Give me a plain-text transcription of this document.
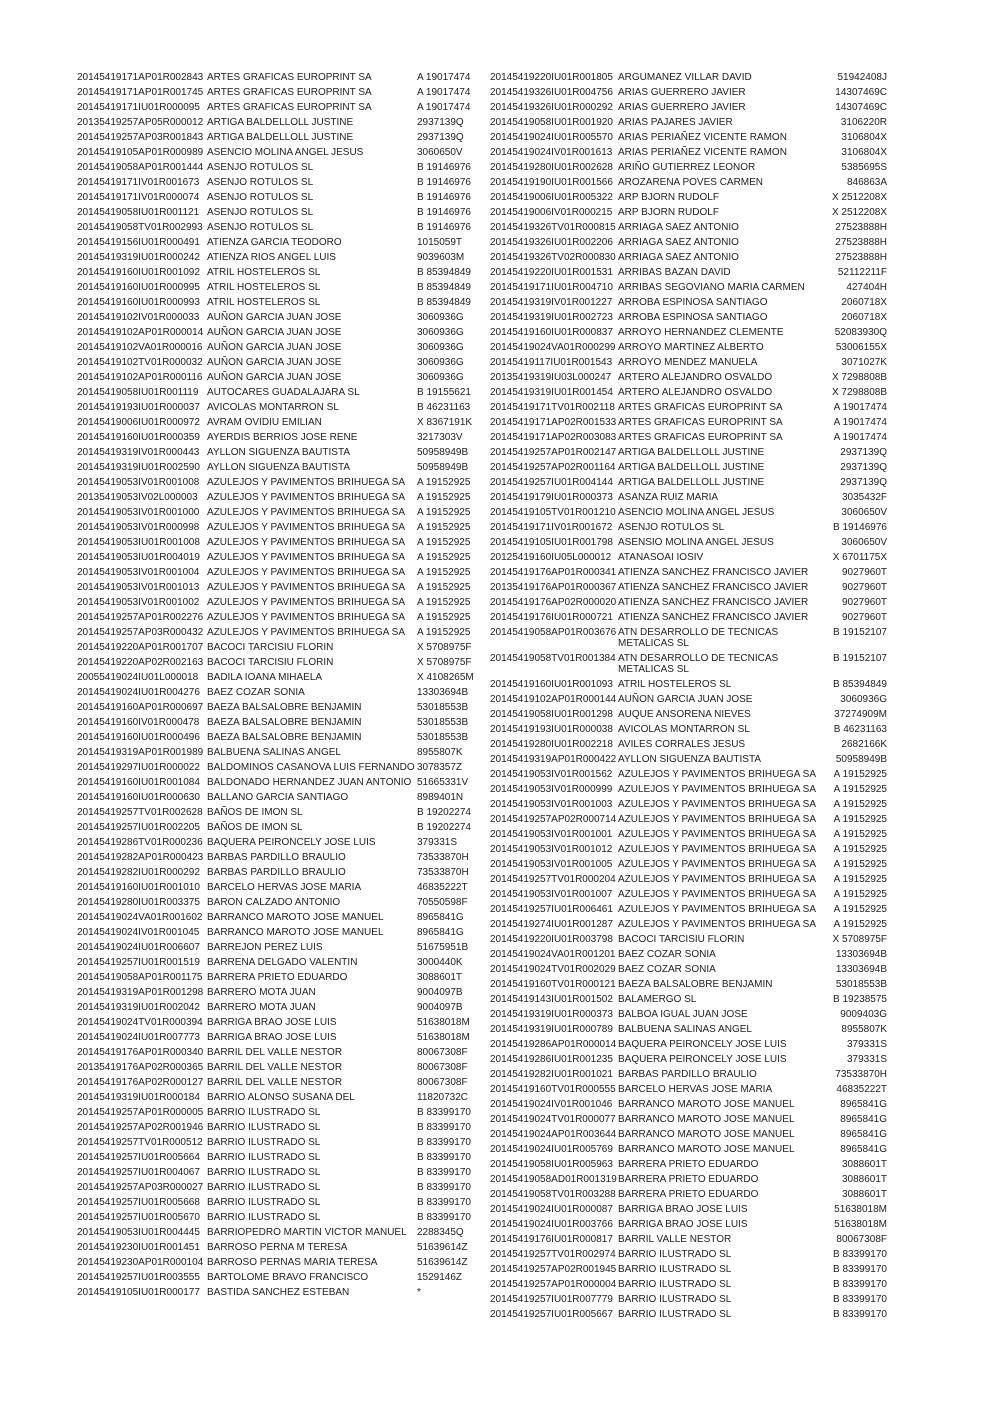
20145419171AP01R002843 ARTES GRAFICAS EUROPRINT SA	A 19017474
20145419171AP01R001745 ARTES GRAFICAS EUROPRINT SA	A 19017474
20145419171IU01R000095 ARTES GRAFICAS EUROPRINT SA	A 19017474
20135419257AP05R000012 ARTIGA BALDELLOLL JUSTINE	2937139Q
20145419257AP03R001843 ARTIGA BALDELLOLL JUSTINE	2937139Q
20145419105AP01R000989 ASENCIO MOLINA ANGEL JESUS	3060650V
20145419058AP01R001444 ASENJO ROTULOS SL	B 19146976
20145419171IV01R001673 ASENJO ROTULOS SL	B 19146976
20145419171IV01R000074 ASENJO ROTULOS SL	B 19146976
20145419058IU01R001121 ASENJO ROTULOS SL	B 19146976
20145419058TV01R002993 ASENJO ROTULOS SL	B 19146976
20145419156IU01R000491 ATIENZA GARCIA TEODORO	1015059T
20145419319IU01R000242 ATIENZA RIOS ANGEL LUIS	9039603M
20145419160IU01R001092 ATRIL HOSTELEROS SL	B 85394849
20145419160IU01R000995 ATRIL HOSTELEROS SL	B 85394849
20145419160IU01R000993 ATRIL HOSTELEROS SL	B 85394849
20145419102IV01R000033 AUÑON GARCIA JUAN JOSE	3060936G
20145419102AP01R000014 AUÑON GARCIA JUAN JOSE	3060936G
20145419102VA01R000016 AUÑON GARCIA JUAN JOSE	3060936G
20145419102TV01R000032 AUÑON GARCIA JUAN JOSE	3060936G
20145419102AP01R000116 AUÑON GARCIA JUAN JOSE	3060936G
20145419058IU01R001119 AUTOCARES GUADALAJARA SL	B 19155621
20145419193IU01R000037 AVICOLAS MONTARRON SL	B 46231163
20145419006IU01R000972 AVRAM OVIDIU EMILIAN	X 8367191K
20145419160IU01R000359 AYERDIS BERRIOS JOSE RENE	3217303V
20145419319IV01R000443 AYLLON SIGUENZA BAUTISTA	50958949B
20145419319IU01R002590 AYLLON SIGUENZA BAUTISTA	50958949B
20145419053IV01R001008 AZULEJOS Y PAVIMENTOS BRIHUEGA SA	A 19152925
20135419053IV02L000003 AZULEJOS Y PAVIMENTOS BRIHUEGA SA	A 19152925
20145419053IV01R001000 AZULEJOS Y PAVIMENTOS BRIHUEGA SA	A 19152925
20145419053IV01R000998 AZULEJOS Y PAVIMENTOS BRIHUEGA SA	A 19152925
20145419053IU01R001008 AZULEJOS Y PAVIMENTOS BRIHUEGA SA	A 19152925
20145419053IU01R004019 AZULEJOS Y PAVIMENTOS BRIHUEGA SA	A 19152925
20145419053IV01R001004 AZULEJOS Y PAVIMENTOS BRIHUEGA SA	A 19152925
20145419053IV01R001013 AZULEJOS Y PAVIMENTOS BRIHUEGA SA	A 19152925
20145419053IV01R001002 AZULEJOS Y PAVIMENTOS BRIHUEGA SA	A 19152925
20145419257AP01R002276 AZULEJOS Y PAVIMENTOS BRIHUEGA SA	A 19152925
20145419257AP03R000432 AZULEJOS Y PAVIMENTOS BRIHUEGA SA	A 19152925
20145419220AP01R001707 BACOCI TARCISIU FLORIN	X 5708975F
20145419220AP02R002163 BACOCI TARCISIU FLORIN	X 5708975F
20055419024IU01L000018 BADILA IOANA MIHAELA	X 4108265M
20145419024IU01R004276 BAEZ COZAR SONIA	13303694B
20145419160AP01R000697 BAEZA BALSALOBRE BENJAMIN	53018553B
20145419160IV01R000478 BAEZA BALSALOBRE BENJAMIN	53018553B
20145419160IU01R000496 BAEZA BALSALOBRE BENJAMIN	53018553B
20145419319AP01R001989 BALBUENA SALINAS ANGEL	8955807K
20145419297IU01R000022 BALDOMINOS CASANOVA LUIS FERNANDO 3078357Z
20145419160IU01R001084 BALDONADO HERNANDEZ JUAN ANTONIO 51665331V
20145419160IU01R000630 BALLANO GARCIA SANTIAGO	8989401N
20145419257TV01R002628 BAÑOS DE IMON SL	B 19202274
20145419257IU01R002205 BAÑOS DE IMON SL	B 19202274
20145419286TV01R000236 BAQUERA PEIRONCELY JOSE LUIS	379331S
20145419282AP01R000423 BARBAS PARDILLO BRAULIO	73533870H
20145419282IU01R000292 BARBAS PARDILLO BRAULIO	73533870H
20145419160IU01R001010 BARCELO HERVAS JOSE MARIA	46835222T
20145419280IU01R003375 BARON CALZADO ANTONIO	70550598F
20145419024VA01R001602 BARRANCO MAROTO JOSE MANUEL	8965841G
20145419024IV01R001045 BARRANCO MAROTO JOSE MANUEL	8965841G
20145419024IU01R006607 BARREJON PEREZ LUIS	51675951B
20145419257IU01R001519 BARRENA DELGADO VALENTIN	3000440K
20145419058AP01R001175 BARRERA PRIETO EDUARDO	3088601T
20145419319AP01R001298 BARRERO MOTA JUAN	9004097B
20145419319IU01R002042 BARRERO MOTA JUAN	9004097B
20145419024TV01R000394 BARRIGA BRAO JOSE LUIS	51638018M
20145419024IU01R007773 BARRIGA BRAO JOSE LUIS	51638018M
20145419176AP01R000340 BARRIL DEL VALLE NESTOR	80067308F
20135419176AP02R000365 BARRIL DEL VALLE NESTOR	80067308F
20145419176AP02R000127 BARRIL DEL VALLE NESTOR	80067308F
20145419319IU01R000184 BARRIO ALONSO SUSANA DEL	11820732C
20145419257AP01R000005 BARRIO ILUSTRADO SL	B 83399170
20145419257AP02R001946 BARRIO ILUSTRADO SL	B 83399170
20145419257TV01R000512 BARRIO ILUSTRADO SL	B 83399170
20145419257IU01R005664 BARRIO ILUSTRADO SL	B 83399170
20145419257IU01R004067 BARRIO ILUSTRADO SL	B 83399170
20145419257AP03R000027 BARRIO ILUSTRADO SL	B 83399170
20145419257IU01R005668 BARRIO ILUSTRADO SL	B 83399170
20145419257IU01R005670 BARRIO ILUSTRADO SL	B 83399170
20145419053IU01R004445 BARRIOPEDRO MARTIN VICTOR MANUEL	2288345Q
20145419230IU01R001451 BARROSO PERNA M TERESA	51639614Z
20145419230AP01R000104 BARROSO PERNAS MARIA TERESA	51639614Z
20145419257IU01R003555 BARTOLOME BRAVO FRANCISCO	1529146Z
20145419105IU01R000177 BASTIDA SANCHEZ ESTEBAN	*
20145419220IU01R001805 ARGUMANEZ VILLAR DAVID	51942408J
20145419326IU01R004756 ARIAS GUERRERO JAVIER	14307469C
20145419326IU01R000292 ARIAS GUERRERO JAVIER	14307469C
20145419058IU01R001920 ARIAS PAJARES JAVIER	3106220R
20145419024IU01R005570 ARIAS PERIAÑEZ VICENTE RAMON	3106804X
20145419024IV01R001613 ARIAS PERIAÑEZ VICENTE RAMON	3106804X
20145419280IU01R002628 ARIÑO GUTIERREZ LEONOR	5385695S
20145419190IU01R001566 AROZARENA POVES CARMEN	846863A
20145419006IU01R005322 ARP BJORN RUDOLF	X 2512208X
20145419006IV01R000215 ARP BJORN RUDOLF	X 2512208X
20145419326TV01R000815 ARRIAGA SAEZ ANTONIO	27523888H
20145419326IU01R002206 ARRIAGA SAEZ ANTONIO	27523888H
20145419326TV02R000830 ARRIAGA SAEZ ANTONIO	27523888H
20145419220IU01R001531 ARRIBAS BAZAN DAVID	52112211F
20145419171IU01R004710 ARRIBAS SEGOVIANO MARIA CARMEN	427404H
20145419319IV01R001227 ARROBA ESPINOSA SANTIAGO	2060718X
20145419319IU01R002723 ARROBA ESPINOSA SANTIAGO	2060718X
20145419160IU01R000837 ARROYO HERNANDEZ CLEMENTE	52083930Q
20145419024VA01R000299 ARROYO MARTINEZ ALBERTO	53006155X
20145419117IU01R001543 ARROYO MENDEZ MANUELA	3071027K
20135419319IU03L000247 ARTERO ALEJANDRO OSVALDO	X 7298808B
20145419319IU01R001454 ARTERO ALEJANDRO OSVALDO	X 7298808B
20145419171TV01R002118 ARTES GRAFICAS EUROPRINT SA	A 19017474
20145419171AP02R001533 ARTES GRAFICAS EUROPRINT SA	A 19017474
20145419171AP02R003083 ARTES GRAFICAS EUROPRINT SA	A 19017474
20145419257AP01R002147 ARTIGA BALDELLOLL JUSTINE	2937139Q
20145419257AP02R001164 ARTIGA BALDELLOLL JUSTINE	2937139Q
20145419257IU01R004144 ARTIGA BALDELLOLL JUSTINE	2937139Q
20145419179IU01R000373 ASANZA RUIZ MARIA	3035432F
20145419105TV01R001210 ASENCIO MOLINA ANGEL JESUS	3060650V
20145419171IV01R001672 ASENJO ROTULOS SL	B 19146976
20145419105IU01R001798 ASENSIO MOLINA ANGEL JESUS	3060650V
20125419160IU05L000012 ATANASOAI IOSIV	X 6701175X
20145419176AP01R000341 ATIENZA SANCHEZ FRANCISCO JAVIER	9027960T
20135419176AP01R000367 ATIENZA SANCHEZ FRANCISCO JAVIER	9027960T
20145419176AP02R000020 ATIENZA SANCHEZ FRANCISCO JAVIER	9027960T
20145419176IU01R000721 ATIENZA SANCHEZ FRANCISCO JAVIER	9027960T
20145419058AP01R003676 ATN DESARROLLO DE TECNICAS METALICAS SL
B 19152107
20145419058TV01R001384 ATN DESARROLLO DE TECNICAS METALICAS SL
B 19152107
20145419160IU01R001093 ATRIL HOSTELEROS SL	B 85394849
20145419102AP01R000144 AUÑON GARCIA JUAN JOSE	3060936G
20145419058IU01R001298 AUQUE ANSORENA NIEVES	37274909M
20145419193IU01R000038 AVICOLAS MONTARRON SL	B 46231163
20145419280IU01R002218 AVILES CORRALES JESUS	2682166K
20145419319AP01R000422 AYLLON SIGUENZA BAUTISTA	50958949B
20145419053IV01R001562 AZULEJOS Y PAVIMENTOS BRIHUEGA SA	A 19152925
20145419053IV01R000999 AZULEJOS Y PAVIMENTOS BRIHUEGA SA	A 19152925
20145419053IV01R001003 AZULEJOS Y PAVIMENTOS BRIHUEGA SA	A 19152925
20145419257AP02R000714 AZULEJOS Y PAVIMENTOS BRIHUEGA SA	A 19152925
20145419053IV01R001001 AZULEJOS Y PAVIMENTOS BRIHUEGA SA	A 19152925
20145419053IV01R001012 AZULEJOS Y PAVIMENTOS BRIHUEGA SA	A 19152925
20145419053IV01R001005 AZULEJOS Y PAVIMENTOS BRIHUEGA SA	A 19152925
20145419257TV01R000204 AZULEJOS Y PAVIMENTOS BRIHUEGA SA	A 19152925
20145419053IV01R001007 AZULEJOS Y PAVIMENTOS BRIHUEGA SA	A 19152925
20145419257IU01R006461 AZULEJOS Y PAVIMENTOS BRIHUEGA SA	A 19152925
20145419274IU01R001287 AZULEJOS Y PAVIMENTOS BRIHUEGA SA	A 19152925
20145419220IU01R003798 BACOCI TARCISIU FLORIN	X 5708975F
20145419024VA01R001201 BAEZ COZAR SONIA	13303694B
20145419024TV01R002029 BAEZ COZAR SONIA	13303694B
20145419160TV01R000121 BAEZA BALSALOBRE BENJAMIN	53018553B
20145419143IU01R001502 BALAMERGO SL	B 19238575
20145419319IU01R000373 BALBOA IGUAL JUAN JOSE	9009403G
20145419319IU01R000789 BALBUENA SALINAS ANGEL	8955807K
20145419286AP01R000014 BAQUERA PEIRONCELY JOSE LUIS	379331S
20145419286IU01R001235 BAQUERA PEIRONCELY JOSE LUIS	379331S
20145419282IU01R001021 BARBAS PARDILLO BRAULIO	73533870H
20145419160TV01R000555 BARCELO HERVAS JOSE MARIA	46835222T
20145419024IV01R001046 BARRANCO MAROTO JOSE MANUEL	8965841G
20145419024TV01R000077 BARRANCO MAROTO JOSE MANUEL	8965841G
20145419024AP01R003644 BARRANCO MAROTO JOSE MANUEL	8965841G
20145419024IU01R005769 BARRANCO MAROTO JOSE MANUEL	8965841G
20145419058IU01R005963 BARRERA PRIETO EDUARDO	3088601T
20145419058AD01R001319 BARRERA PRIETO EDUARDO	3088601T
20145419058TV01R003288 BARRERA PRIETO EDUARDO	3088601T
20145419024IU01R000087 BARRIGA BRAO JOSE LUIS	51638018M
20145419024IU01R003766 BARRIGA BRAO JOSE LUIS	51638018M
20145419176IU01R000817 BARRIL VALLE NESTOR	80067308F
20145419257TV01R002974 BARRIO ILUSTRADO SL	B 83399170
20145419257AP02R001945 BARRIO ILUSTRADO SL	B 83399170
20145419257AP01R000004 BARRIO ILUSTRADO SL	B 83399170
20145419257IU01R007779 BARRIO ILUSTRADO SL	B 83399170
20145419257IU01R005667 BARRIO ILUSTRADO SL	B 83399170
